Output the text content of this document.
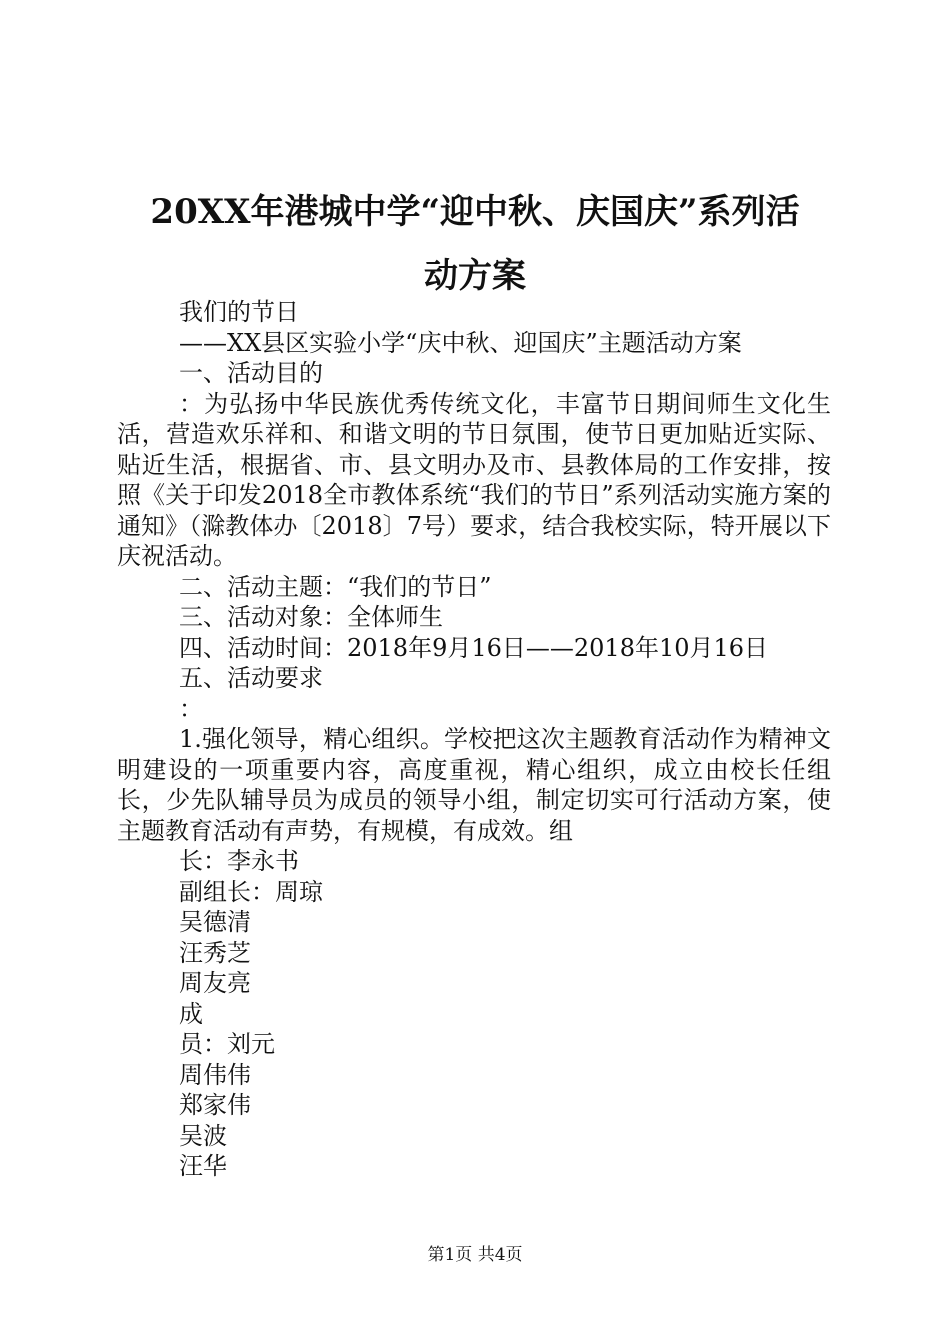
20XX年港城中学“迎中秋、庆国庆”系列活
动方案

我们的节日

——XX县区实验小学“庆中秋、迎国庆”主题活动方案

一、活动目的

：为弘扬中华民族优秀传统文化，丰富节日期间师生文化生活，营造欢乐祥和、和谐文明的节日氛围，使节日更加贴近实际、贴近生活，根据省、市、县文明办及市、县教体局的工作安排，按照《关于印发2018全市教体系统“我们的节日”系列活动实施方案的通知》（滁教体办〔2018〕7号）要求，结合我校实际，特开展以下庆祝活动。

二、活动主题：“我们的节日”

三、活动对象：全体师生

四、活动时间：2018年9月16日——2018年10月16日

五、活动要求

：

1.强化领导，精心组织。学校把这次主题教育活动作为精神文明建设的一项重要内容，高度重视，精心组织，成立由校长任组长，少先队辅导员为成员的领导小组，制定切实可行活动方案，使主题教育活动有声势，有规模，有成效。组

长：李永书

副组长：周琼

吴德清

汪秀芝

周友亮

成

员：刘元

周伟伟

郑家伟

吴波

汪华

第1页 共4页
